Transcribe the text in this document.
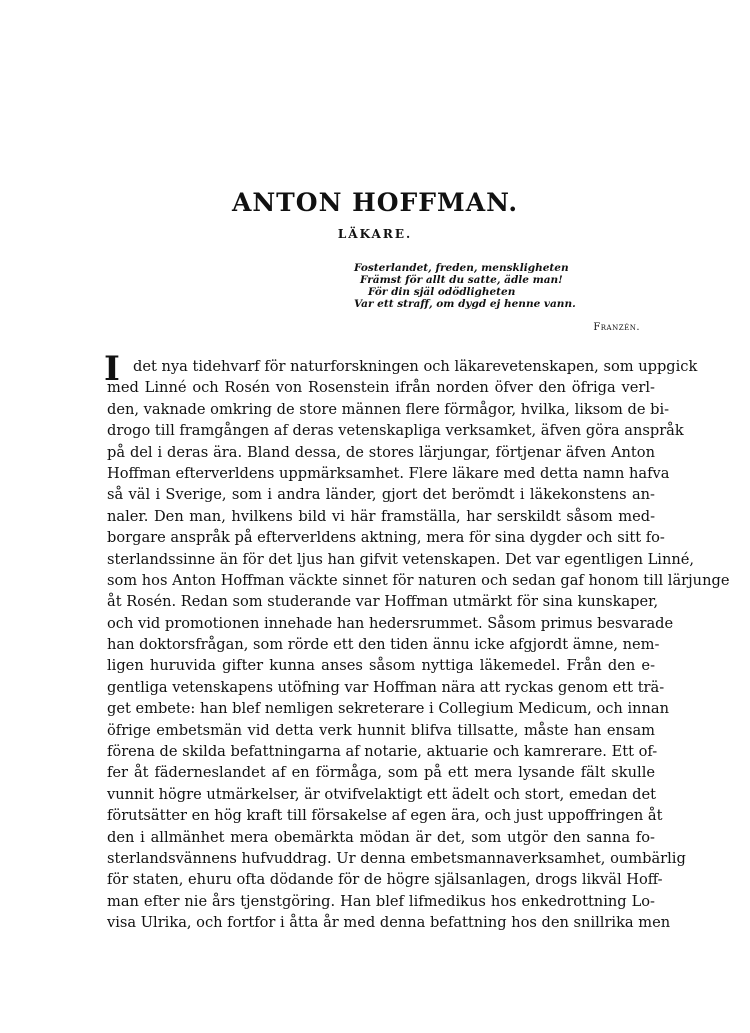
ANTON HOFFMAN.
LÄKARE.
Fosterlandet, freden, menskligheten
Främst för allt du satte, ädle man!
För din själ odödligheten
Var ett straff, om dygd ej henne vann.
Franzén.
I det nya tidehvarf för naturforskningen och läkarevetenskapen, som uppgick
med Linné och Rosén von Rosenstein ifrån norden öfver den öfriga verl-
den, vaknade omkring de store männen flere förmågor, hvilka, liksom de bi-
drogo till framgången af deras vetenskapliga verksamket, äfven göra anspråk
på del i deras ära. Bland dessa, de stores lärjungar, förtjenar äfven Anton
Hoffman efterverldens uppmärksamhet. Flere läkare med detta namn hafva
så väl i Sverige, som i andra länder, gjort det berömdt i läkekonstens an-
naler. Den man, hvilkens bild vi här framställa, har serskildt såsom med-
borgare anspråk på efterverldens aktning, mera för sina dygder och sitt fo-
sterlandssinne än för det ljus han gifvit vetenskapen. Det var egentligen Linné,
som hos Anton Hoffman väckte sinnet för naturen och sedan gaf honom till lärjunge
åt Rosén. Redan som studerande var Hoffman utmärkt för sina kunskaper,
och vid promotionen innehade han hedersrummet. Såsom primus besvarade
han doktorsfrågan, som rörde ett den tiden ännu icke afgjordt ämne, nem-
ligen huruvida gifter kunna anses såsom nyttiga läkemedel. Från den e-
gentliga vetenskapens utöfning var Hoffman nära att ryckas genom ett trä-
get embete: han blef nemligen sekreterare i Collegium Medicum, och innan
öfrige embetsmän vid detta verk hunnit blifva tillsatte, måste han ensam
förena de skilda befattningarna af notarie, aktuarie och kamrerare. Ett of-
fer åt fäderneslandet af en förmåga, som på ett mera lysande fält skulle
vunnit högre utmärkelser, är otvifvelaktigt ett ädelt och stort, emedan det
förutsätter en hög kraft till försakelse af egen ära, och just uppoffringen åt
den i allmänhet mera obemärkta mödan är det, som utgör den sanna fo-
sterlandsvännens hufvuddrag. Ur denna embetsmannaverksamhet, oumbärlig
för staten, ehuru ofta dödande för de högre själsanlagen, drogs likväl Hoff-
man efter nie års tjenstgöring. Han blef lifmedikus hos enkedrottning Lo-
visa Ulrika, och fortfor i åtta år med denna befattning hos den snillrika men
